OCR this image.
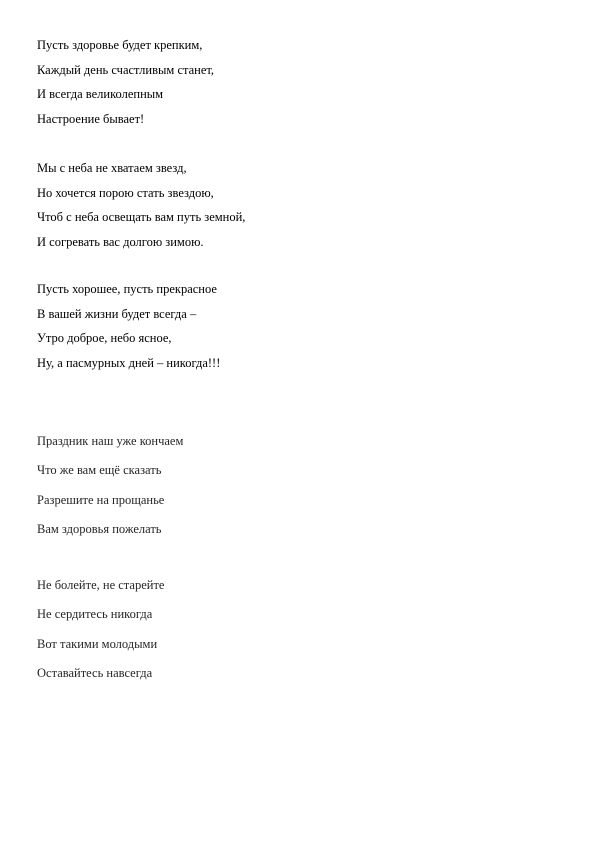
Пусть здоровье будет крепким,
Каждый день счастливым станет,
И всегда великолепным
Настроение бывает!
Мы с неба не хватаем звезд,
Но хочется порою стать звездою,
Чтоб с неба освещать вам путь земной,
И согревать вас долгою зимою.
Пусть хорошее, пусть прекрасное
В вашей жизни будет всегда –
Утро доброе, небо ясное,
Ну, а пасмурных дней – никогда!!!
Праздник наш уже кончаем
Что же вам ещё сказать
Разрешите на прощанье
Вам здоровья пожелать
Не болейте, не старейте
Не сердитесь никогда
Вот такими молодыми
Оставайтесь навсегда
